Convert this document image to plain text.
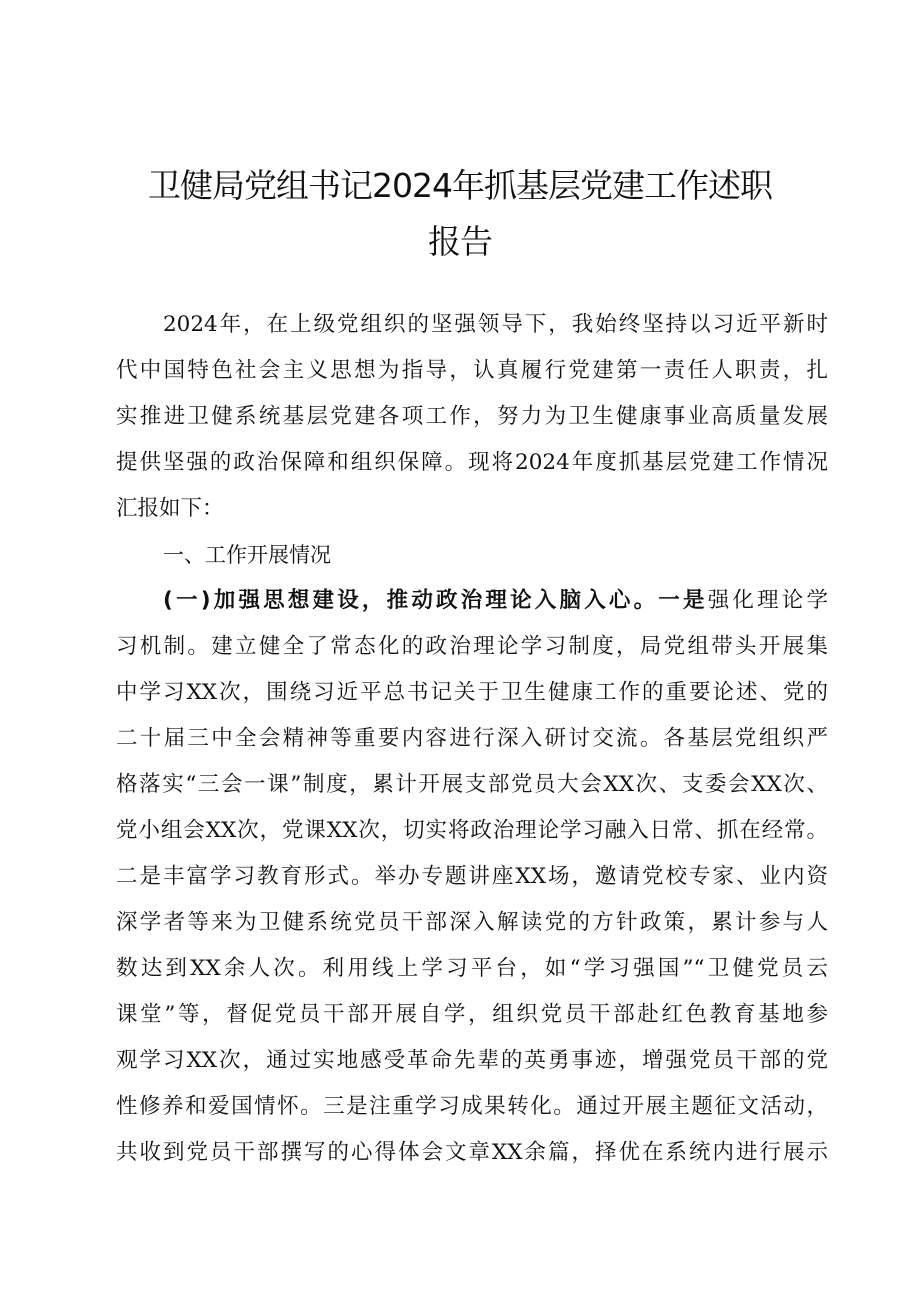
卫健局党组书记2024年抓基层党建工作述职
报告
2024年，在上级党组织的坚强领导下，我始终坚持以习近平新时
代中国特色社会主义思想为指导，认真履行党建第一责任人职责，扎
实推进卫健系统基层党建各项工作，努力为卫生健康事业高质量发展
提供坚强的政治保障和组织保障。现将2024年度抓基层党建工作情况
汇报如下：
一、工作开展情况
(一)加强思想建设，推动政治理论入脑入心。一是强化理论学
习机制。建立健全了常态化的政治理论学习制度，局党组带头开展集
中学习XX次，围绕习近平总书记关于卫生健康工作的重要论述、党的
二十届三中全会精神等重要内容进行深入研讨交流。各基层党组织严
格落实“三会一课”制度，累计开展支部党员大会XX次、支委会XX次、
党小组会XX次，党课XX次，切实将政治理论学习融入日常、抓在经常。
二是丰富学习教育形式。举办专题讲座XX场，邀请党校专家、业内资
深学者等来为卫健系统党员干部深入解读党的方针政策，累计参与人
数达到XX余人次。利用线上学习平台，如“学习强国”“卫健党员云
课堂”等，督促党员干部开展自学，组织党员干部赴红色教育基地参
观学习XX次，通过实地感受革命先辈的英勇事迹，增强党员干部的党
性修养和爱国情怀。三是注重学习成果转化。通过开展主题征文活动，
共收到党员干部撰写的心得体会文章XX余篇，择优在系统内进行展示
